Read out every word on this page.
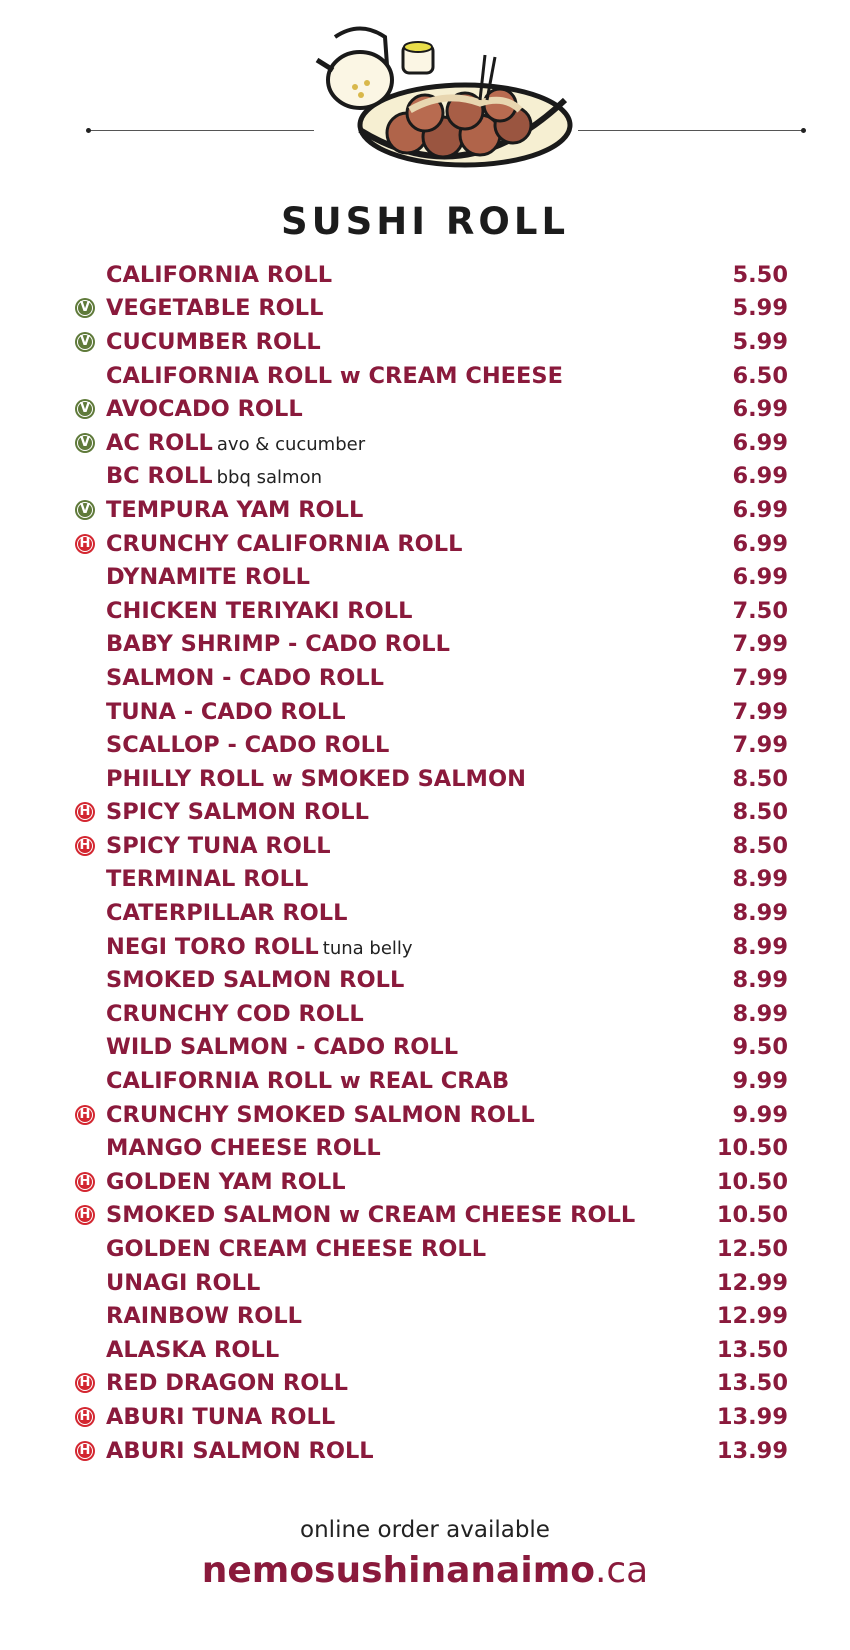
SUSHI ROLL
CALIFORNIA ROLL	5.50
V VEGETABLE ROLL	5.99
V CUCUMBER ROLL	5.99
CALIFORNIA ROLL w CREAM CHEESE	6.50
V AVOCADO ROLL	6.99
V AC ROLL avo & cucumber	6.99
BC ROLL bbq salmon	6.99
V TEMPURA YAM ROLL	6.99
H CRUNCHY CALIFORNIA ROLL	6.99
DYNAMITE ROLL	6.99
CHICKEN TERIYAKI ROLL	7.50
BABY SHRIMP - CADO ROLL	7.99
SALMON - CADO ROLL	7.99
TUNA - CADO ROLL	7.99
SCALLOP - CADO ROLL	7.99
PHILLY ROLL w SMOKED SALMON	8.50
H SPICY SALMON ROLL	8.50
H SPICY TUNA ROLL	8.50
TERMINAL ROLL	8.99
CATERPILLAR ROLL	8.99
NEGI TORO ROLL tuna belly	8.99
SMOKED SALMON ROLL	8.99
CRUNCHY COD ROLL	8.99
WILD SALMON - CADO ROLL	9.50
CALIFORNIA ROLL w REAL CRAB	9.99
H CRUNCHY SMOKED SALMON ROLL	9.99
MANGO CHEESE ROLL	10.50
H GOLDEN YAM ROLL	10.50
H SMOKED SALMON w CREAM CHEESE ROLL	10.50
GOLDEN CREAM CHEESE ROLL	12.50
UNAGI ROLL	12.99
RAINBOW ROLL	12.99
ALASKA ROLL	13.50
H RED DRAGON ROLL	13.50
H ABURI TUNA ROLL	13.99
H ABURI SALMON ROLL	13.99
online order available
nemosushinanaimo.ca
